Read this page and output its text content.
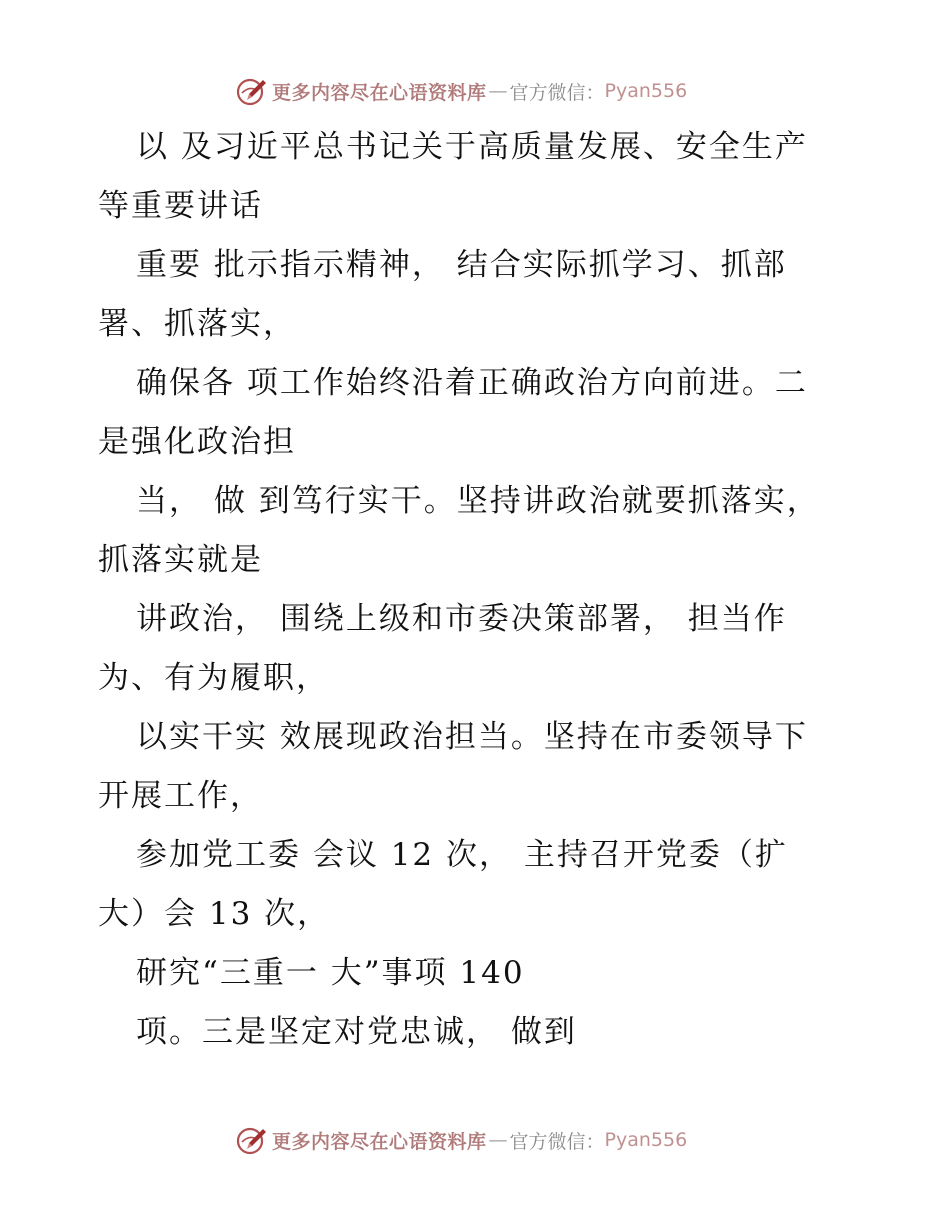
更多内容尽在心语资料库 — 官方微信： Pyan556

以 及习近平总书记关于高质量发展、安全生产等重要讲话

重要 批示指示精神， 结合实际抓学习、抓部署、抓落实，

确保各 项工作始终沿着正确政治方向前进。二是强化政治担

当， 做 到笃行实干。坚持讲政治就要抓落实，抓落实就是

讲政治， 围绕上级和市委决策部署， 担当作为、有为履职，

以实干实 效展现政治担当。坚持在市委领导下开展工作，

参加党工委 会议 12 次， 主持召开党委（扩大）会 13 次，

研究“三重一 大”事项 140

项。三是坚定对党忠诚， 做到

更多内容尽在心语资料库 — 官方微信： Pyan556
